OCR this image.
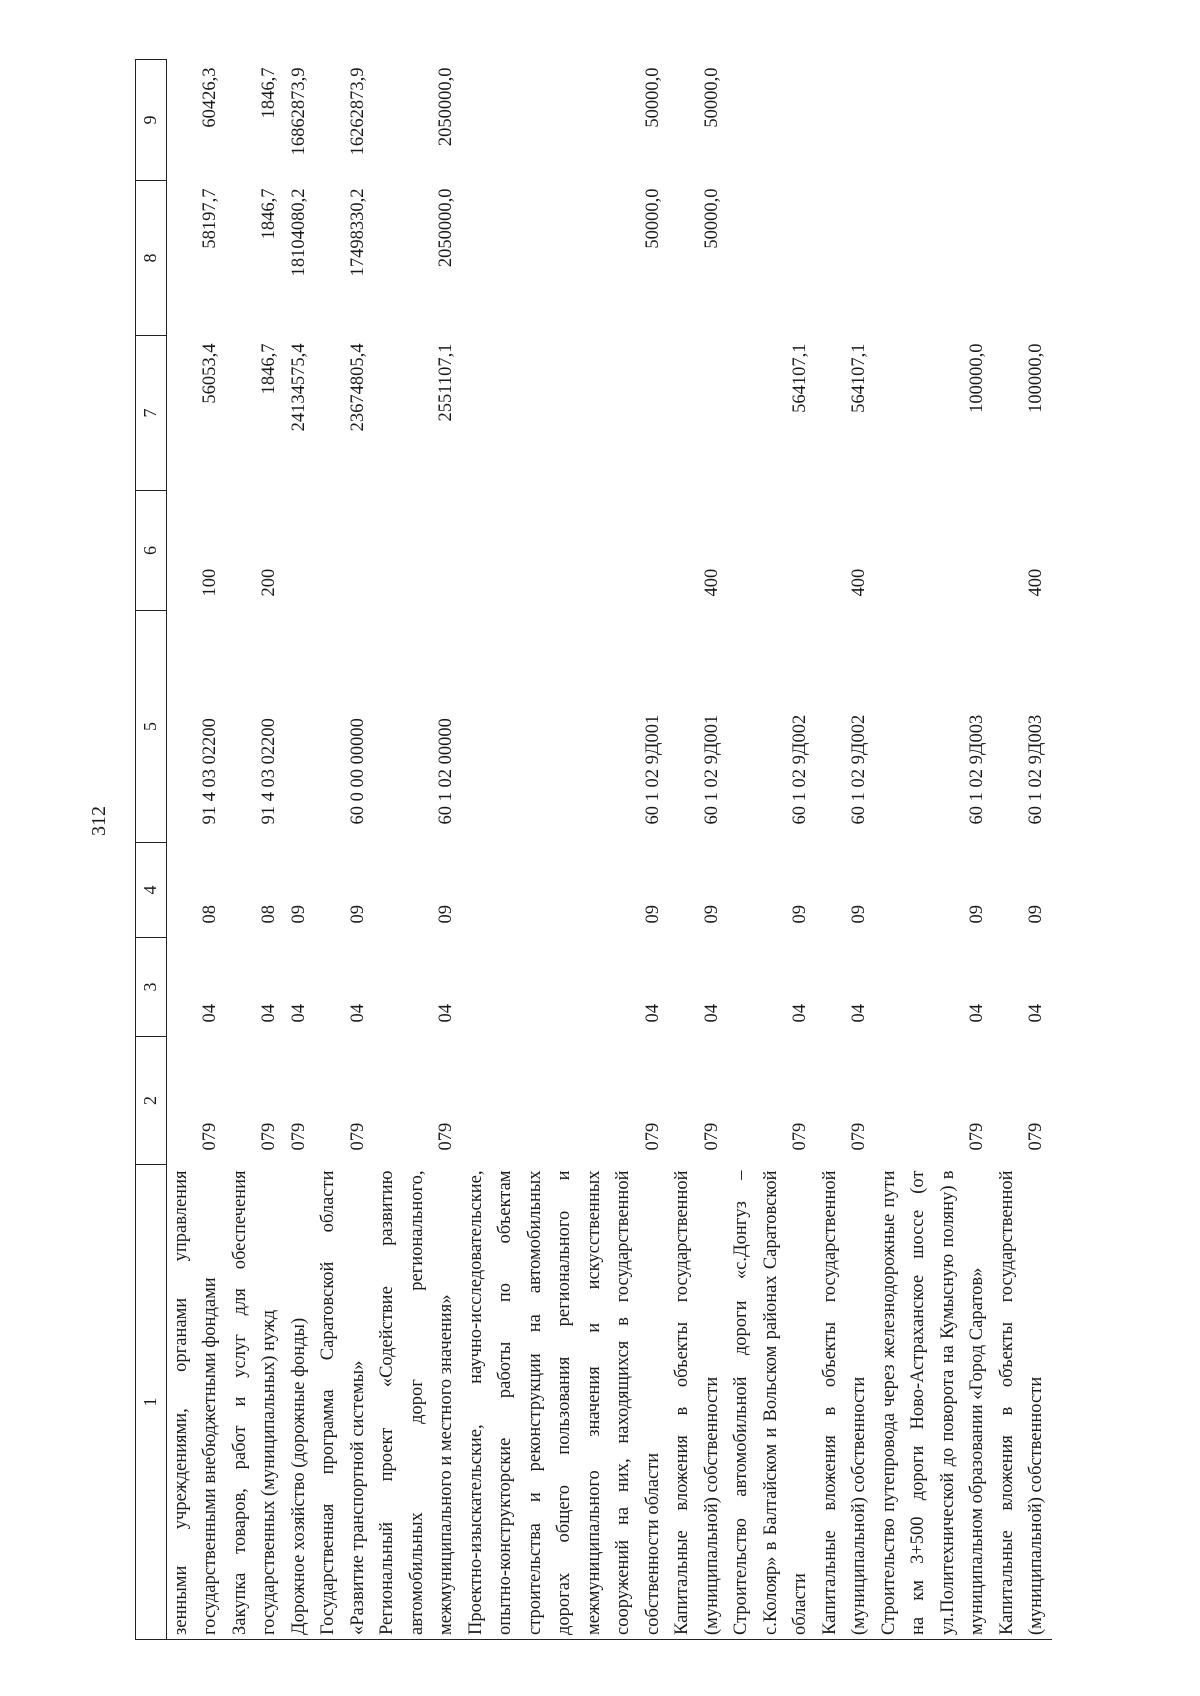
312
1	2	3	4	5	6	7	8	9
зенными учреждениями, органами управления государственными внебюджетными фондами	079	04	08	91 4 03 02200	100	56053,4	58197,7	60426,3
Закупка товаров, работ и услуг для обеспечения государственных (муниципальных) нужд	079	04	08	91 4 03 02200	200	1846,7	1846,7	1846,7
Дорожное хозяйство (дорожные фонды)	079	04	09			24134575,4	18104080,2	16862873,9
Государственная программа Саратовской области «Развитие транспортной системы»	079	04	09	60 0 00 00000		23674805,4	17498330,2	16262873,9
Региональный проект «Содействие развитию автомобильных дорог регионального, межмуниципального и местного значения»	079	04	09	60 1 02 00000		2551107,1	2050000,0	2050000,0
Проектно-изыскательские, научно-исследовательские, опытно-конструкторские работы по объектам строительства и реконструкции на автомобильных дорогах общего пользования регионального и межмуниципального значения и искусственных сооружений на них, находящихся в государственной собственности области	079	04	09	60 1 02 9Д001			50000,0	50000,0
Капитальные вложения в объекты государственной (муниципальной) собственности	079	04	09	60 1 02 9Д001	400		50000,0	50000,0
Строительство автомобильной дороги «с.Донгуз – с.Колояр» в Балтайском и Вольском районах Саратовской области	079	04	09	60 1 02 9Д002		564107,1		
Капитальные вложения в объекты государственной (муниципальной) собственности	079	04	09	60 1 02 9Д002	400	564107,1		
Строительство путепровода через железнодорожные пути на км 3+500 дороги Ново-Астраханское шоссе (от ул.Политехнической до поворота на Кумысную поляну) в муниципальном образовании «Город Саратов»	079	04	09	60 1 02 9Д003		100000,0		
Капитальные вложения в объекты государственной (муниципальной) собственности	079	04	09	60 1 02 9Д003	400	100000,0		
